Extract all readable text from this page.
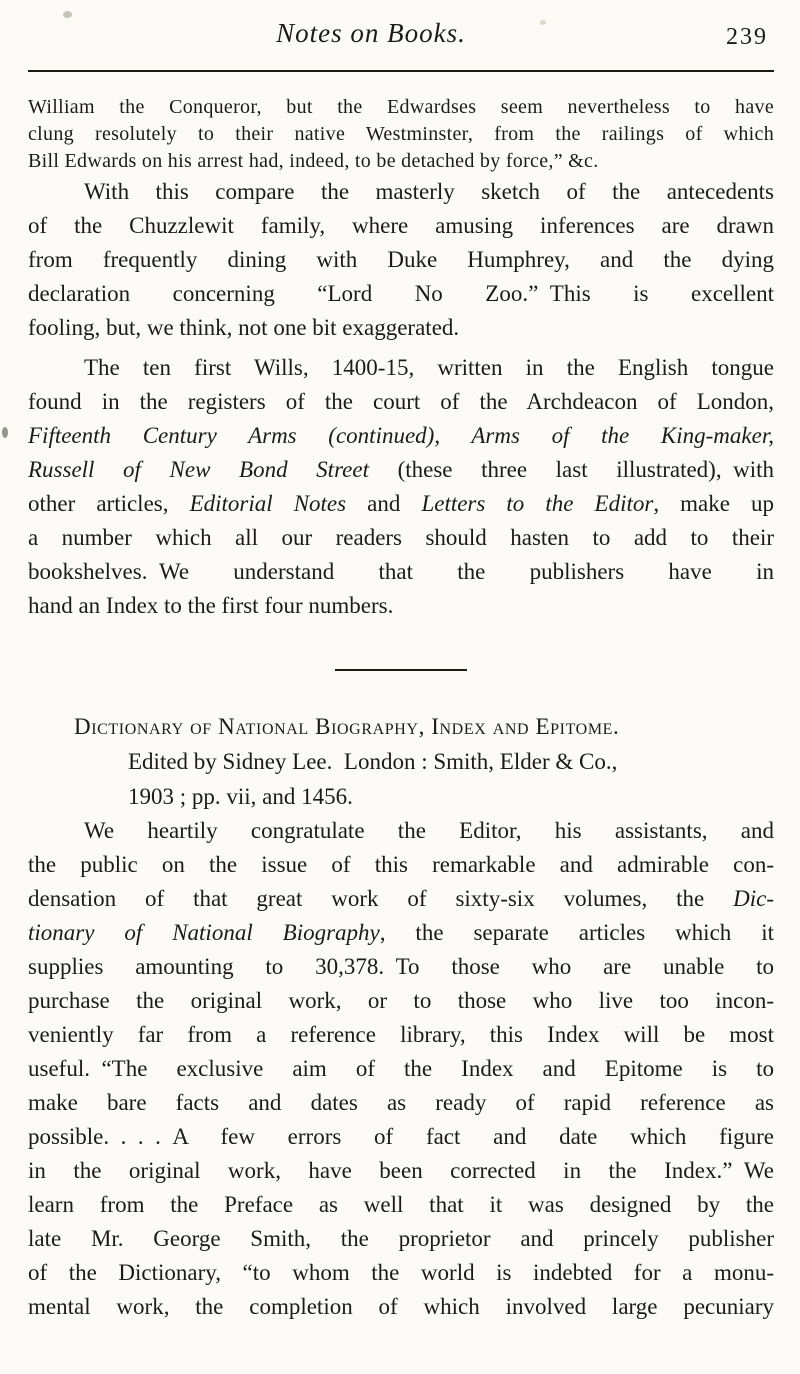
Notes on Books.	239
William the Conqueror, but the Edwardses seem nevertheless to have
clung resolutely to their native Westminster, from the railings of which
Bill Edwards on his arrest had, indeed, to be detached by force,” &c.
With this compare the masterly sketch of the antecedents
of the Chuzzlewit family, where amusing inferences are drawn
from frequently dining with Duke Humphrey, and the dying
declaration concerning “Lord No Zoo.” This is excellent
fooling, but, we think, not one bit exaggerated.
The ten first Wills, 1400-15, written in the English tongue
found in the registers of the court of the Archdeacon of London,
Fifteenth Century Arms (continued), Arms of the King-maker,
Russell of New Bond Street (these three last illustrated), with
other articles, Editorial Notes and Letters to the Editor, make up
a number which all our readers should hasten to add to their
bookshelves. We understand that the publishers have in
hand an Index to the first four numbers.
Dictionary of National Biography, Index and Epitome.
Edited by Sidney Lee. London : Smith, Elder & Co.,
1903 ; pp. vii, and 1456.
We heartily congratulate the Editor, his assistants, and
the public on the issue of this remarkable and admirable con-
densation of that great work of sixty-six volumes, the Dic-
tionary of National Biography, the separate articles which it
supplies amounting to 30,378. To those who are unable to
purchase the original work, or to those who live too incon-
veniently far from a reference library, this Index will be most
useful. “The exclusive aim of the Index and Epitome is to
make bare facts and dates as ready of rapid reference as
possible. . . . A few errors of fact and date which figure
in the original work, have been corrected in the Index.” We
learn from the Preface as well that it was designed by the
late Mr. George Smith, the proprietor and princely publisher
of the Dictionary, “to whom the world is indebted for a monu-
mental work, the completion of which involved large pecuniary
